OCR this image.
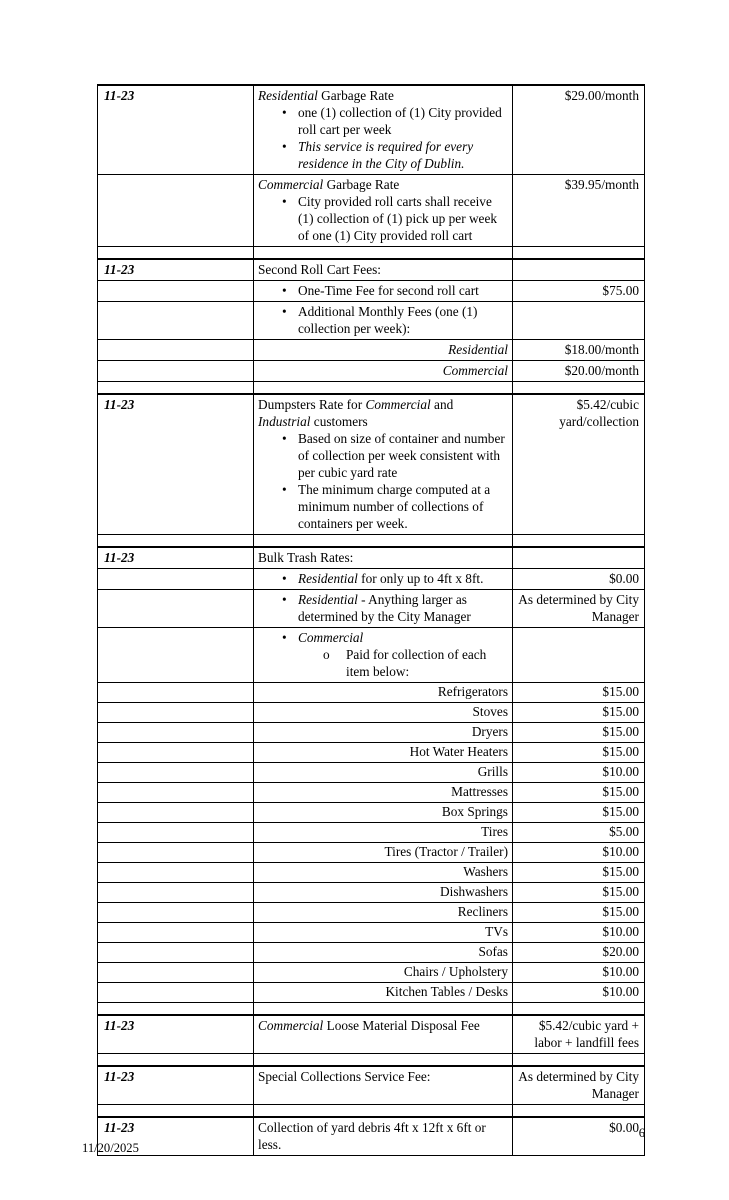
11-23	Residential Garbage Rate
• one (1) collection of (1) City provided roll cart per week
• This service is required for every residence in the City of Dublin.	$29.00/month

	Commercial Garbage Rate
• City provided roll carts shall receive (1) collection of (1) pick up per week of one (1) City provided roll cart	$39.95/month

11-23	Second Roll Cart Fees:	

	• One-Time Fee for second roll cart	$75.00

	• Additional Monthly Fees (one (1) collection per week):	

	Residential	$18.00/month
	Commercial	$20.00/month

11-23	Dumpsters Rate for Commercial and Industrial customers
• Based on size of container and number of collection per week consistent with per cubic yard rate
• The minimum charge computed at a minimum number of collections of containers per week.	$5.42/cubic yard/collection

11-23	Bulk Trash Rates:	

	• Residential for only up to 4ft x 8ft.	$0.00

	• Residential - Anything larger as determined by the City Manager	As determined by City Manager

	• Commercial
o Paid for collection of each item below:	

	Refrigerators	$15.00
	Stoves	$15.00
	Dryers	$15.00
	Hot Water Heaters	$15.00
	Grills	$10.00
	Mattresses	$15.00
	Box Springs	$15.00
	Tires	$5.00
	Tires (Tractor / Trailer)	$10.00
	Washers	$15.00
	Dishwashers	$15.00
	Recliners	$15.00
	TVs	$10.00
	Sofas	$20.00
	Chairs / Upholstery	$10.00
	Kitchen Tables / Desks	$10.00

11-23	Commercial Loose Material Disposal Fee	$5.42/cubic yard + labor + landfill fees

11-23	Special Collections Service Fee:	As determined by City Manager

11-23	Collection of yard debris 4ft x 12ft x 6ft or less.	$0.00 6
11/20/2025
